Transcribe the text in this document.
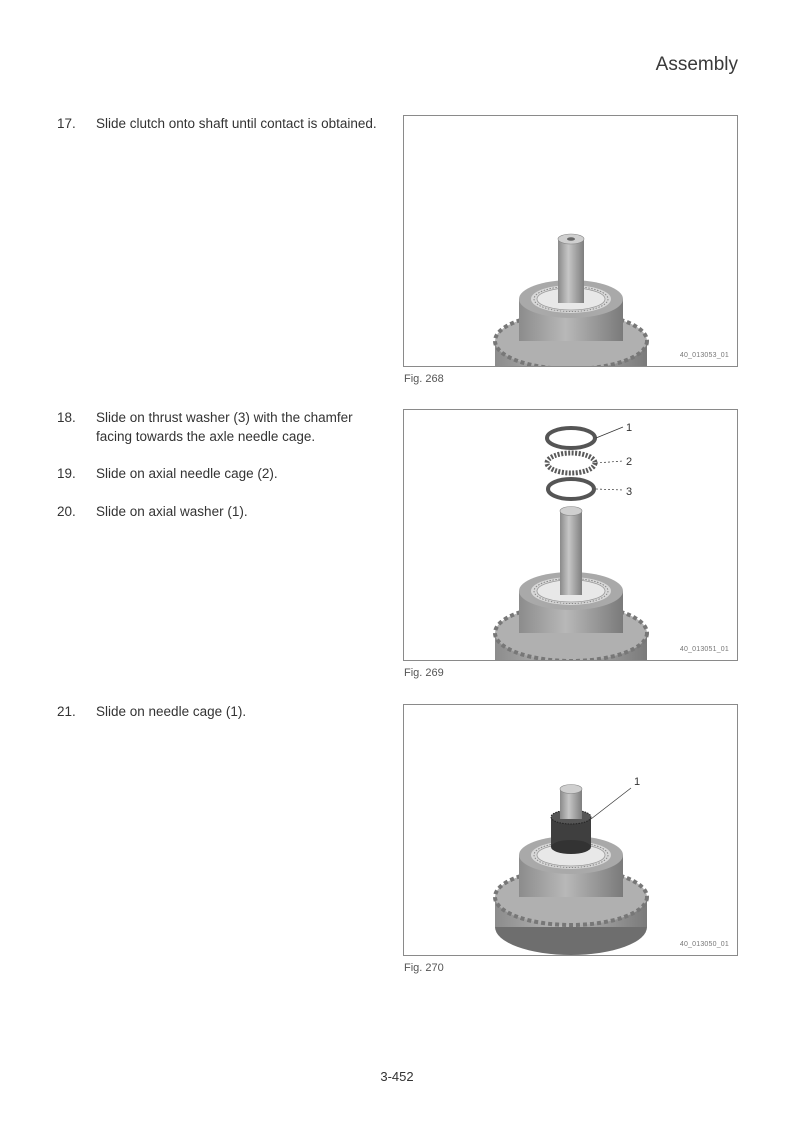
Assembly
17.	Slide clutch onto shaft until contact is obtained.
18.	Slide on thrust washer (3) with the chamfer facing towards the axle needle cage.
19.	Slide on axial needle cage (2).
20.	Slide on axial washer (1).
21.	Slide on needle cage (1).
40_013053_01
Fig. 268
1
2
3
40_013051_01
Fig. 269
1
40_013050_01
Fig. 270
3-452
